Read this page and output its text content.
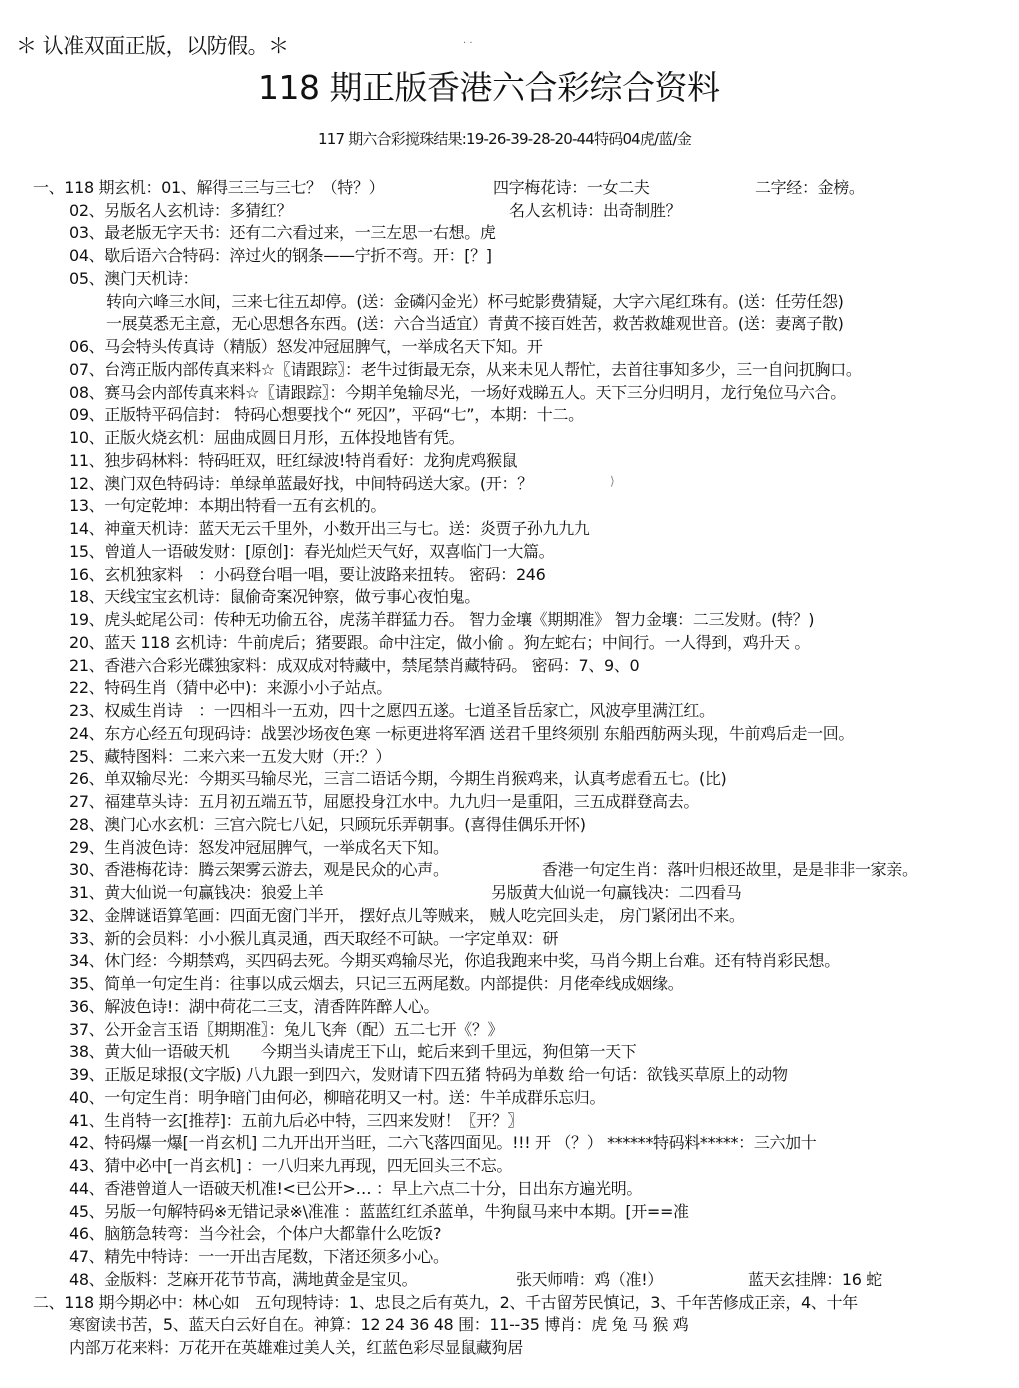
＊ 认准双面正版，以防假。＊	· ·
118 期正版香港六合彩综合资料
117 期六合彩搅珠结果:19-26-39-28-20-44特码04虎/蓝/金
一、118 期玄机：01、解得三三与三七？（特？）	四字梅花诗：一女二夫	二字经：金榜。
02、另版名人玄机诗：多猜红？	名人玄机诗：出奇制胜？
03、最老版无字天书：还有二六看过来，一三左思一右想。虎
04、歇后语六合特码：淬过火的钢条——宁折不弯。开：[？]
05、澳门天机诗：
转向六峰三水间，三来七往五却停。(送：金磷闪金光）杯弓蛇影费猜疑，大字六尾红珠有。(送：任劳任怨)
一展莫悉无主意，无心思想各东西。(送：六合当适宜）青黄不接百姓苦，救苦救雄观世音。(送：妻离子散)
06、马会特头传真诗（精版）怒发冲冠屈脾气，一举成名天下知。开
07、台湾正版内部传真来料☆〖请跟踪〗：老牛过街最无奈，从来未见人帮忙，去首往事知多少，三一自问扤胸口。
08、赛马会内部传真来料☆〖请跟踪〗：今期羊兔输尽光，一场好戏睇五人。天下三分归明月，龙行兔位马六合。
09、正版特平码信封： 特码心想要找个“ 死囚”，平码“七”，本期：十二。
10、正版火烧玄机：屈曲成圆日月形，五体投地皆有凭。
11、独步码林料：特码旺双，旺红绿波!特肖看好：龙狗虎鸡猴鼠
12、澳门双色特码诗：单绿单蓝最好找，中间特码送大家。(开：？	⟩
13、一句定乾坤：本期出特看一五有玄机的。
14、神童天机诗：蓝天无云千里外，小数开出三与七。送：炎贾子孙九九九
15、曾道人一语破发财：[原创]：春光灿烂天气好，双喜临门一大篇。
16、玄机独家料　：小码登台唱一唱，要让波路来扭转。 密码：246
18、天线宝宝玄机诗：鼠偷奇案况钟察，做亏事心夜怕鬼。
19、虎头蛇尾公司：传种无功偷五谷，虎荡羊群猛力吞。 智力金壤《期期准》 智力金壤：二三发财。(特？)
20、蓝天 118 玄机诗：牛前虎后；猪要跟。命中注定，做小偷 。狗左蛇右；中间行。一人得到，鸡升天 。
21、香港六合彩光碟独家料：成双成对特藏中，禁尾禁肖藏特码。 密码：7、9、0
22、特码生肖（猜中必中)：来源小小子站点。
23、权威生肖诗　：一四相斗一五劝，四十之愿四五遂。七道圣旨岳家亡，风波亭里满江红。
24、东方心经五句现码诗：战罢沙场夜色寒 一标更进将军酒 送君千里终须别 东船西舫两头现，牛前鸡后走一回。
25、藏特图料：二来六来一五发大财（开:？）
26、单双输尽光：今期买马输尽光，三言二语话今期，今期生肖猴鸡来，认真考虑看五七。(比)
27、福建草头诗：五月初五端五节，屈愿投身江水中。九九归一是重阳，三五成群登高去。
28、澳门心水玄机：三宫六院七八妃，只顾玩乐弄朝事。(喜得佳偶乐开怀)
29、生肖波色诗：怒发冲冠屈脾气，一举成名天下知。
30、香港梅花诗：腾云架雾云游去，观是民众的心声。	香港一句定生肖：落叶归根还故里，是是非非一家亲。
31、黄大仙说一句赢钱决：狼爱上羊	另版黄大仙说一句赢钱决：二四看马
32、金牌谜语算笔画：四面无窗门半开， 摆好点儿等贼来， 贼人吃完回头走， 房门紧闭出不来。
33、新的会员料：小小猴儿真灵通，西天取经不可缺。一字定单双：研
34、休门经：今期禁鸡，买四码去死。今期买鸡输尽光，你追我跑来中奖，马肖今期上台难。还有特肖彩民想。
35、简单一句定生肖：往事以成云烟去，只记三五两尾数。内部提供：月佬牵线成姻缘。
36、解波色诗!：湖中荷花二三支，清香阵阵醉人心。
37、公开金言玉语〖期期准〗：兔儿飞奔（配）五二七开《？》
38、黄大仙一语破天机　　今期当头请虎王下山，蛇后来到千里远，狗但第一天下
39、正版足球报(文字版) 八九跟一到四六，发财请下四五猪 特码为单数 给一句话：欲钱买草原上的动物
40、一句定生肖：明争暗门由何必，柳暗花明又一村。送：牛羊成群乐忘归。
41、生肖特一玄[推荐]：五前九后必中特，三四来发财！〖开？〗
42、特码爆一爆[一肖玄机] 二九开出开当旺，二六飞落四面见。!!! 开 （？） ******特码料*****：三六加十
43、猜中必中[一肖玄机] ：一八归来九再现，四无回头三不忘。
44、香港曾道人一语破天机准!<已公开>… ：早上六点二十分，日出东方遍光明。
45、另版一句解特码※无错记录※\准准 ：蓝蓝红红杀蓝单，牛狗鼠马来中本期。[开==准
46、脑筋急转弯：当今社会，个体户大都靠什么吃饭?
47、精先中特诗：一一开出吉尾数，下渚还须多小心。
48、金版料：芝麻开花节节高，满地黄金是宝贝。	张天师啃：鸡（准!）	蓝天玄挂牌：16 蛇
二、118 期今期必中：林心如　五句现特诗：1、忠艮之后有英九，2、千古留芳民慎记，3、千年苦修成正亲，4、十年
寒窗读书苦，5、蓝天白云好自在。神算：12 24 36 48 围：11--35 博肖：虎 兔 马 猴 鸡
内部万花来料：万花开在英雄难过美人关，红蓝色彩尽显鼠藏狗居
